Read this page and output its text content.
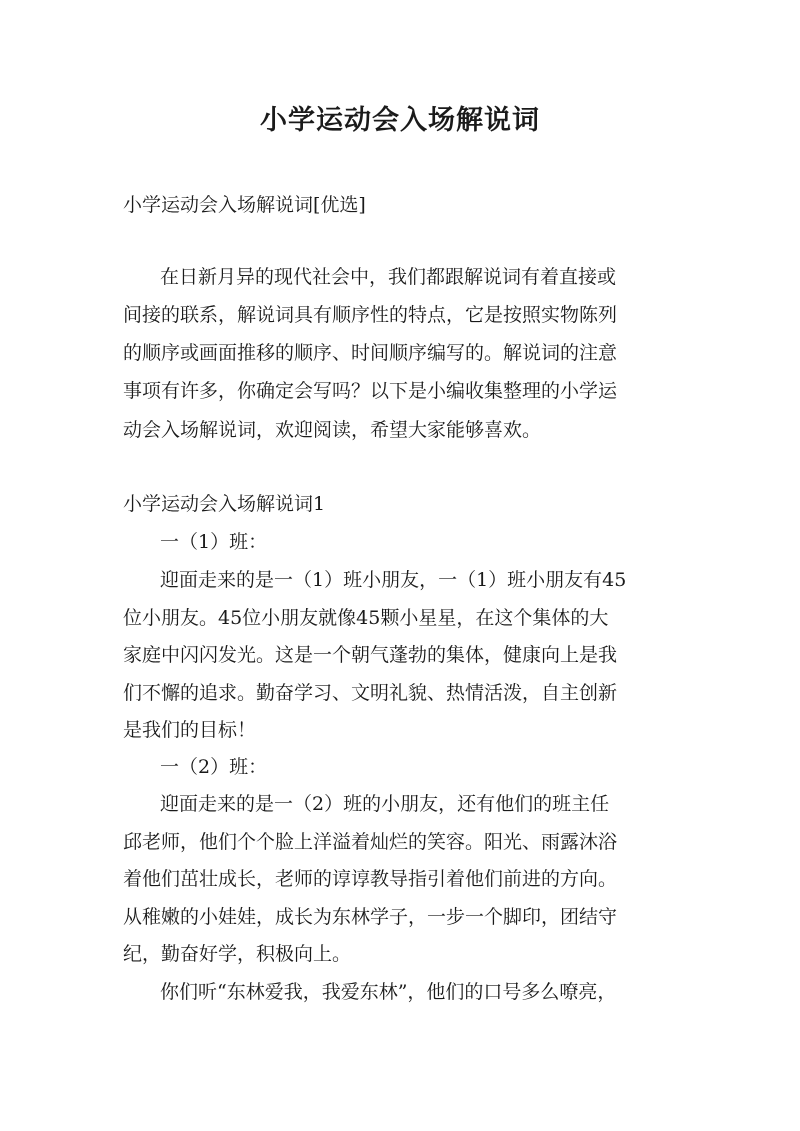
小学运动会入场解说词

小学运动会入场解说词[优选]

在日新月异的现代社会中，我们都跟解说词有着直接或

间接的联系，解说词具有顺序性的特点，它是按照实物陈列

的顺序或画面推移的顺序、时间顺序编写的。解说词的注意

事项有许多，你确定会写吗？以下是小编收集整理的小学运

动会入场解说词，欢迎阅读，希望大家能够喜欢。

小学运动会入场解说词1

一（1）班：

迎面走来的是一（1）班小朋友，一（1）班小朋友有45

位小朋友。45位小朋友就像45颗小星星，在这个集体的大

家庭中闪闪发光。这是一个朝气蓬勃的集体，健康向上是我

们不懈的追求。勤奋学习、文明礼貌、热情活泼，自主创新

是我们的目标！

一（2）班：

迎面走来的是一（2）班的小朋友，还有他们的班主任

邱老师，他们个个脸上洋溢着灿烂的笑容。阳光、雨露沐浴

着他们茁壮成长，老师的谆谆教导指引着他们前进的方向。

从稚嫩的小娃娃，成长为东林学子，一步一个脚印，团结守

纪，勤奋好学，积极向上。

你们听“东林爱我，我爱东林”，他们的口号多么嘹亮，
